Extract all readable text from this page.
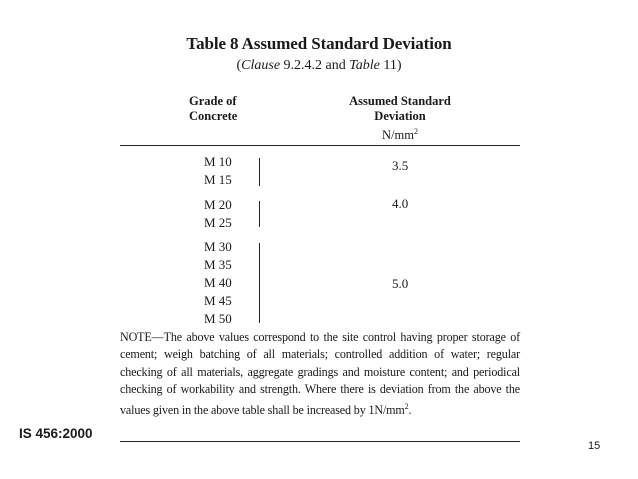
Table 8 Assumed Standard Deviation
(Clause 9.2.4.2 and Table 11)
Grade of
Concrete
Assumed Standard
Deviation
$N/mm^2$
M 10
M 15
3.5
M 20
M 25
4.0
M 30
M 35
M 40
M 45
M 50
5.0
NOTE—The above values correspond to the site control having proper storage of cement; weigh batching of all materials; controlled addition of water; regular checking of all materials, aggregate gradings and moisture content; and periodical checking of workability and strength. Where there is deviation from the above the values given in the above table shall be increased by $1N/mm^2$.
IS 456:2000
15
